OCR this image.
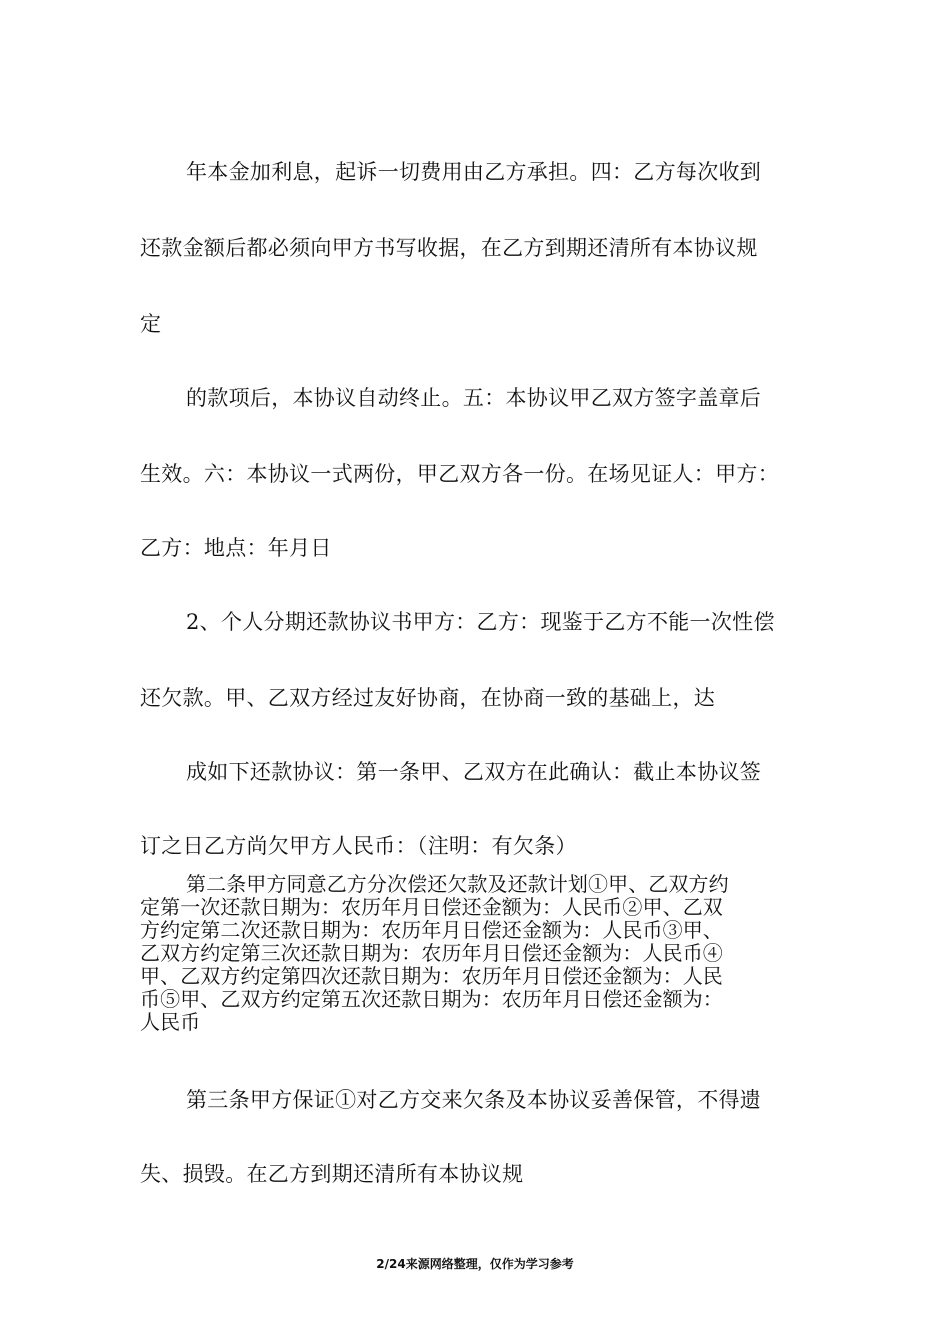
年本金加利息，起诉一切费用由乙方承担。四：乙方每次收到
还款金额后都必须向甲方书写收据，在乙方到期还清所有本协议规
定
的款项后，本协议自动终止。五：本协议甲乙双方签字盖章后
生效。六：本协议一式两份，甲乙双方各一份。在场见证人：甲方：
乙方：地点：年月日
2、个人分期还款协议书甲方：乙方：现鉴于乙方不能一次性偿
还欠款。甲、乙双方经过友好协商，在协商一致的基础上，达
成如下还款协议：第一条甲、乙双方在此确认：截止本协议签
订之日乙方尚欠甲方人民币：（注明：有欠条）
第二条甲方同意乙方分次偿还欠款及还款计划①甲、乙双方约
定第一次还款日期为：农历年月日偿还金额为：人民币②甲、乙双
方约定第二次还款日期为：农历年月日偿还金额为：人民币③甲、
乙双方约定第三次还款日期为：农历年月日偿还金额为：人民币④
甲、乙双方约定第四次还款日期为：农历年月日偿还金额为：人民
币⑤甲、乙双方约定第五次还款日期为：农历年月日偿还金额为：
人民币
第三条甲方保证①对乙方交来欠条及本协议妥善保管，不得遗
失、损毁。在乙方到期还清所有本协议规
2/24来源网络整理，仅作为学习参考
